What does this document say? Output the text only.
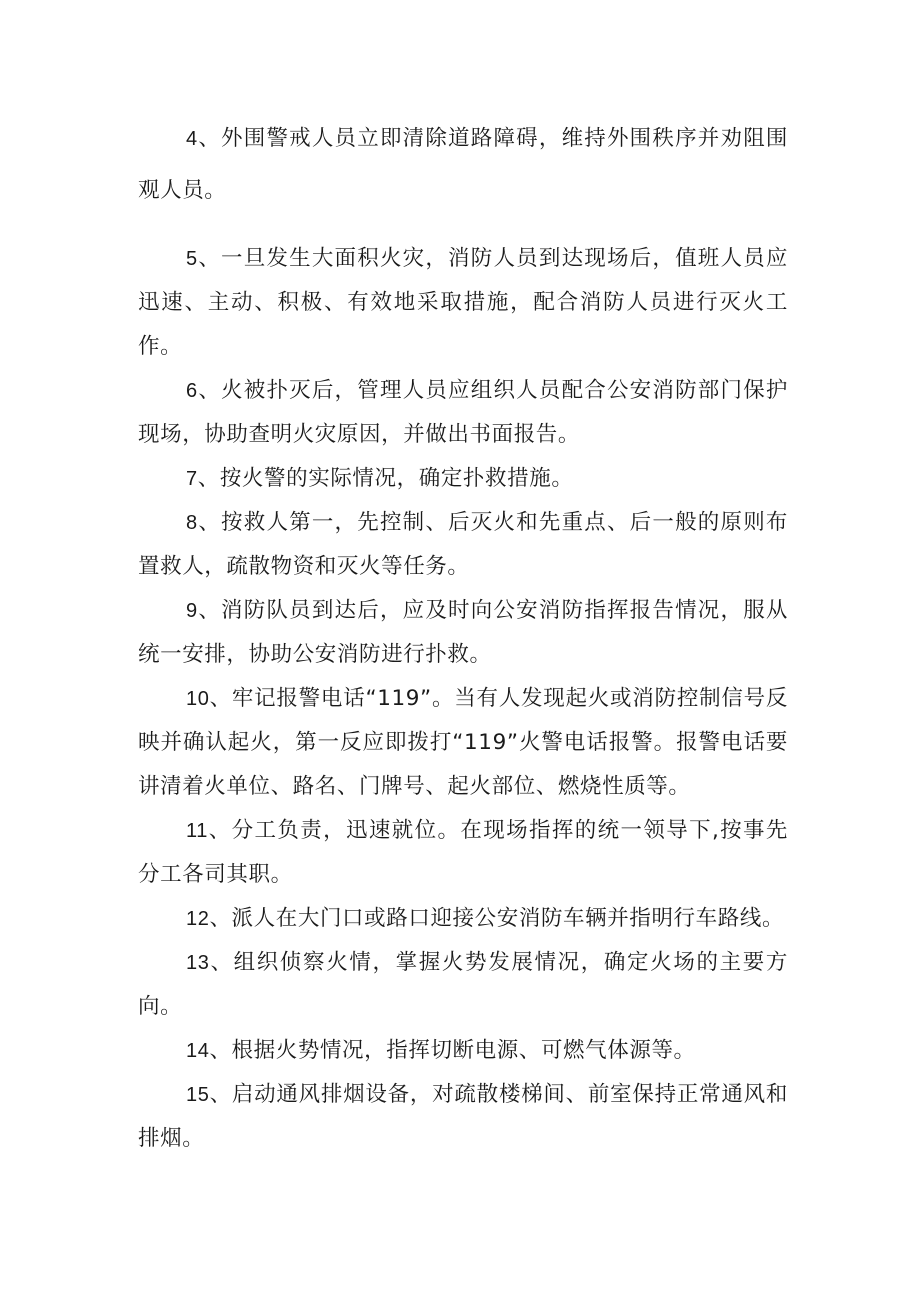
4、外围警戒人员立即清除道路障碍，维持外围秩序并劝阻围观人员。

5、一旦发生大面积火灾，消防人员到达现场后，值班人员应迅速、主动、积极、有效地采取措施，配合消防人员进行灭火工作。

6、火被扑灭后，管理人员应组织人员配合公安消防部门保护现场，协助查明火灾原因，并做出书面报告。

7、按火警的实际情况，确定扑救措施。

8、按救人第一，先控制、后灭火和先重点、后一般的原则布置救人，疏散物资和灭火等任务。

9、消防队员到达后，应及时向公安消防指挥报告情况，服从统一安排，协助公安消防进行扑救。

10、牢记报警电话“119”。当有人发现起火或消防控制信号反映并确认起火，第一反应即拨打“119”火警电话报警。报警电话要讲清着火单位、路名、门牌号、起火部位、燃烧性质等。

11、分工负责，迅速就位。在现场指挥的统一领导下,按事先分工各司其职。

12、派人在大门口或路口迎接公安消防车辆并指明行车路线。

13、组织侦察火情，掌握火势发展情况，确定火场的主要方向。

14、根据火势情况，指挥切断电源、可燃气体源等。

15、启动通风排烟设备，对疏散楼梯间、前室保持正常通风和排烟。
